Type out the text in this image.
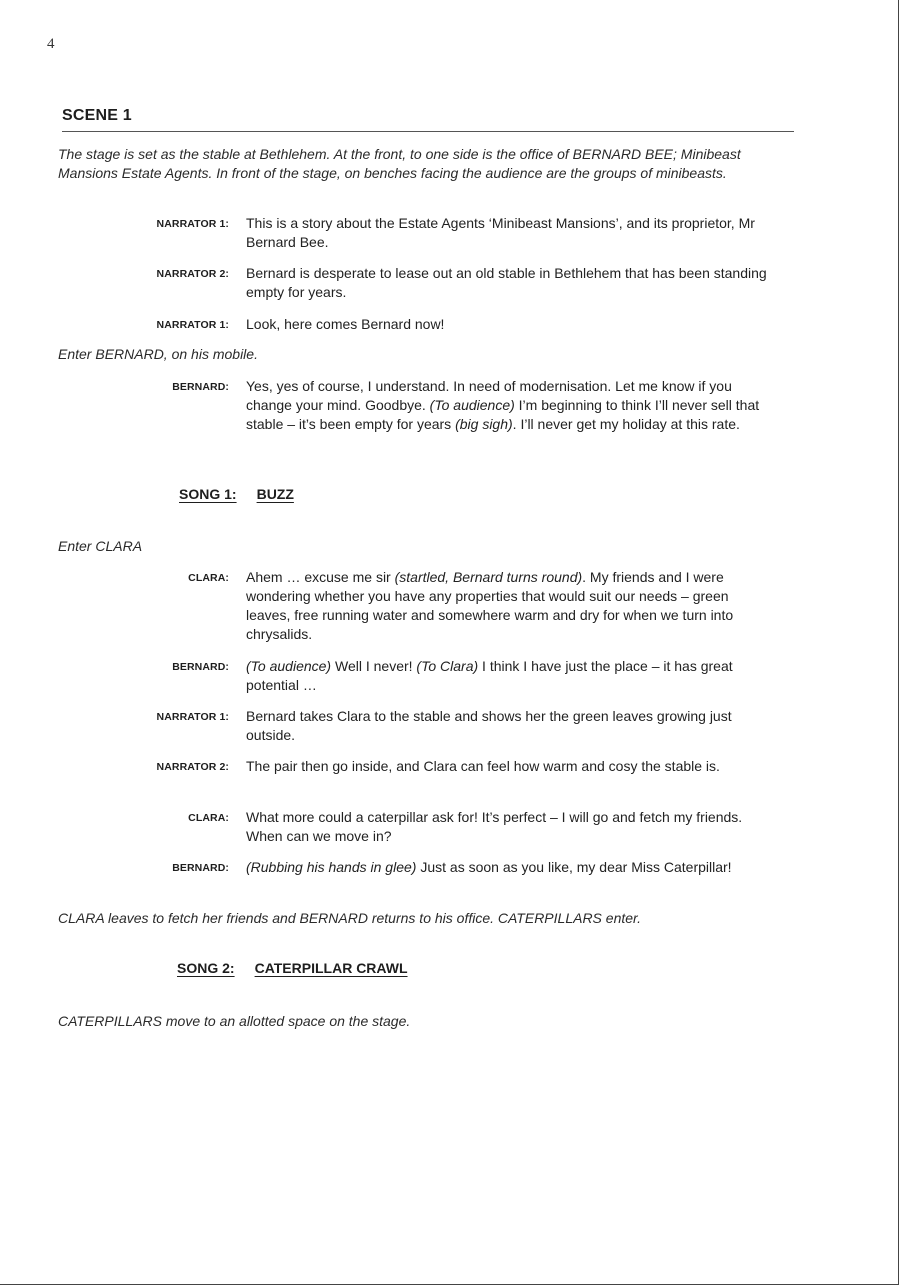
4
SCENE 1
The stage is set as the stable at Bethlehem. At the front, to one side is the office of BERNARD BEE; Minibeast Mansions Estate Agents. In front of the stage, on benches facing the audience are the groups of minibeasts.
NARRATOR 1:	This is a story about the Estate Agents ‘Minibeast Mansions’, and its proprietor, Mr Bernard Bee.
NARRATOR 2:	Bernard is desperate to lease out an old stable in Bethlehem that has been standing empty for years.
NARRATOR 1:	Look, here comes Bernard now!
Enter BERNARD, on his mobile.
BERNARD:	Yes, yes of course, I understand. In need of modernisation. Let me know if you change your mind. Goodbye. (To audience) I’m beginning to think I’ll never sell that stable – it’s been empty for years (big sigh). I’ll never get my holiday at this rate.
SONG 1: BUZZ
Enter CLARA
CLARA:	Ahem … excuse me sir (startled, Bernard turns round). My friends and I were wondering whether you have any properties that would suit our needs – green leaves, free running water and somewhere warm and dry for when we turn into chrysalids.
BERNARD:	(To audience) Well I never! (To Clara) I think I have just the place – it has great potential …
NARRATOR 1:	Bernard takes Clara to the stable and shows her the green leaves growing just outside.
NARRATOR 2:	The pair then go inside, and Clara can feel how warm and cosy the stable is.
CLARA:	What more could a caterpillar ask for! It’s perfect – I will go and fetch my friends. When can we move in?
BERNARD:	(Rubbing his hands in glee) Just as soon as you like, my dear Miss Caterpillar!
CLARA leaves to fetch her friends and BERNARD returns to his office. CATERPILLARS enter.
SONG 2: CATERPILLAR CRAWL
CATERPILLARS move to an allotted space on the stage.
